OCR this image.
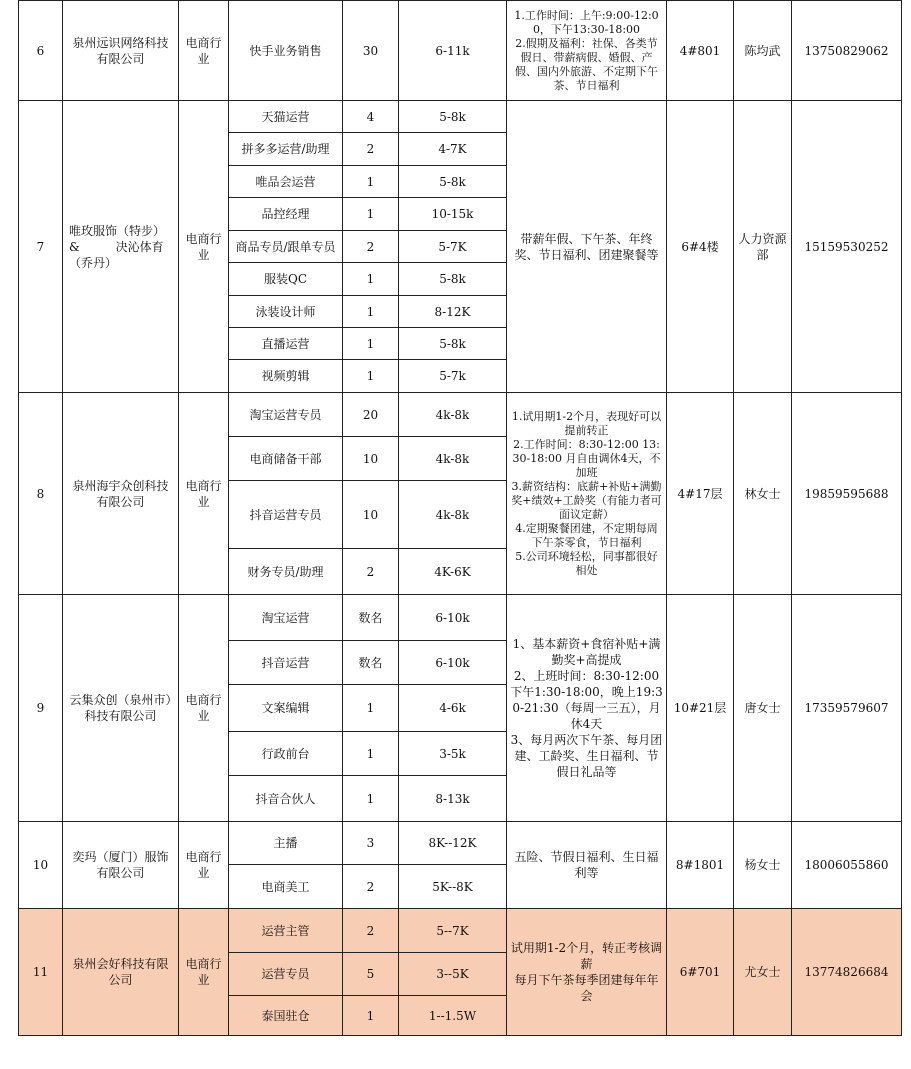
6	泉州远识网络科技有限公司	电商行业	快手业务销售	30	6-11k	1.工作时间：上午:9:00-12:00，下午13:30-18:00
2.假期及福利：社保、各类节假日、带薪病假、婚假、产假、国内外旅游、不定期下午茶、节日福利	4#801	陈均武	13750829062
7	唯玫服饰（特步）&　　　决沁体育（乔丹）	电商行业	天猫运营	4	5-8k	带薪年假、下午茶、年终奖、节日福利、团建聚餐等	6#4楼	人力资源部	15159530252
			拼多多运营/助理	2	4-7K				
			唯品会运营	1	5-8k				
			品控经理	1	10-15k				
			商品专员/跟单专员	2	5-7K				
			服装QC	1	5-8k				
			泳装设计师	1	8-12K				
			直播运营	1	5-8k				
			视频剪辑	1	5-7k				
8	泉州海宇众创科技有限公司	电商行业	淘宝运营专员	20	4k-8k	1.试用期1-2个月，表现好可以提前转正
2.工作时间：8:30-12:00 13:30-18:00 月自由调休4天，不加班
3.薪资结构：底薪+补贴+满勤奖+绩效+工龄奖（有能力者可面议定薪）
4.定期聚餐团建，不定期每周下午茶零食，节日福利
5.公司环境轻松，同事都很好相处	4#17层	林女士	19859595688
			电商储备干部	10	4k-8k				
			抖音运营专员	10	4k-8k				
			财务专员/助理	2	4K-6K				
9	云集众创（泉州市）科技有限公司	电商行业	淘宝运营	数名	6-10k	1、基本薪资+食宿补贴+满勤奖+高提成
2、上班时间：8:30-12:00 下午1:30-18:00，晚上19:30-21:30（每周一三五），月休4天
3、每月两次下午茶、每月团建、工龄奖、生日福利、节假日礼品等	10#21层	唐女士	17359579607
			抖音运营	数名	6-10k				
			文案编辑	1	4-6k				
			行政前台	1	3-5k				
			抖音合伙人	1	8-13k				
10	奕玛（厦门）服饰有限公司	电商行业	主播	3	8K--12K	五险、节假日福利、生日福利等	8#1801	杨女士	18006055860
			电商美工	2	5K--8K				
11	泉州会好科技有限公司	电商行业	运营主管	2	5--7K	试用期1-2个月，转正考核调薪
每月下午茶每季团建每年年会	6#701	尤女士	13774826684
			运营专员	5	3--5K				
			泰国驻仓	1	1--1.5W				
